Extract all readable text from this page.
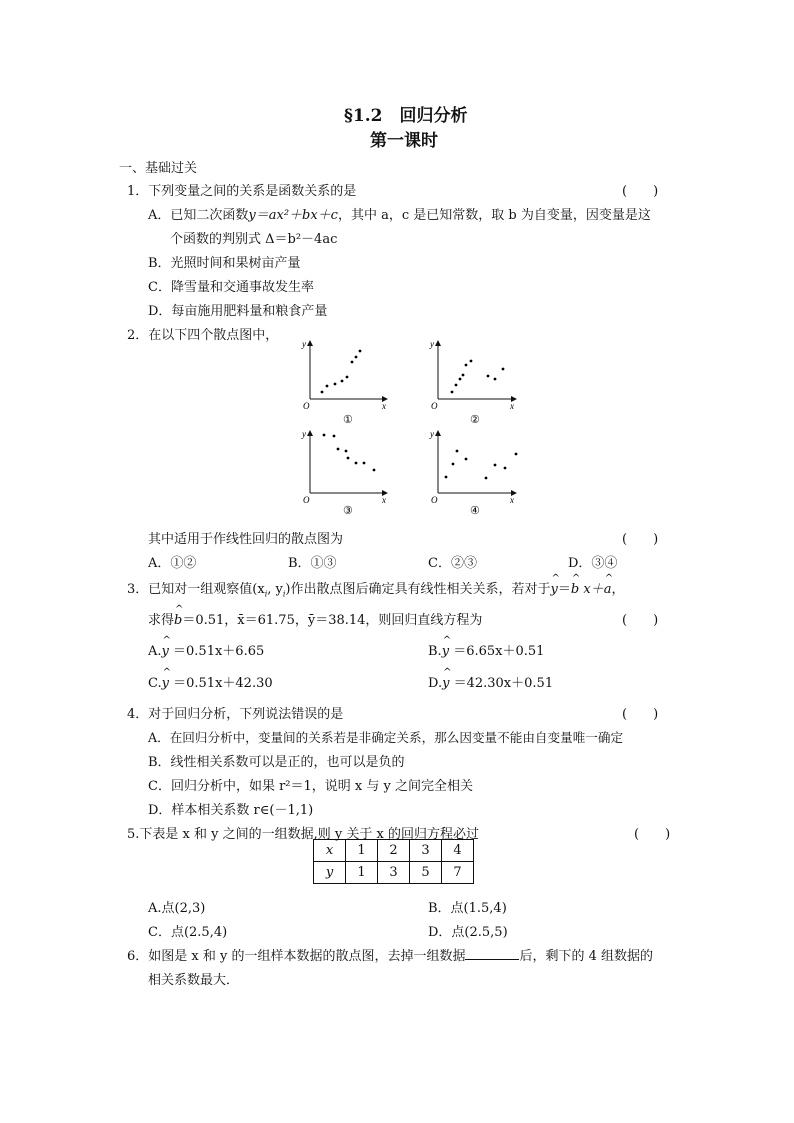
§1.2　回归分析
第一课时
一、基础过关
1．下列变量之间的关系是函数关系的是	(　　)
A．已知二次函数y＝ax²＋bx＋c，其中 a，c 是已知常数，取 b 为自变量，因变量是这
个函数的判别式 Δ＝b²－4ac
B．光照时间和果树亩产量
C．降雪量和交通事故发生率
D．每亩施用肥料量和粮食产量
2．在以下四个散点图中，
y
x
O
①
y
x
O
②
y
x
O
③
y
x
O
④
其中适用于作线性回归的散点图为	(　　)
A．①②	B．①③	C．②③	D．③④
3．已知对一组观察值($x_i$, $y_i$)作出散点图后确定具有线性相关关系，若对于^ y＝^ b x＋^ a，
求得^ b＝0.51，x̄＝61.75，ȳ＝38.14，则回归直线方程为	(　　)
A.^ y ＝0.51x＋6.65	B.^ y ＝6.65x＋0.51
C.^ y ＝0.51x＋42.30	D.^ y ＝42.30x＋0.51
4．对于回归分析，下列说法错误的是	(　　)
A．在回归分析中，变量间的关系若是非确定关系，那么因变量不能由自变量唯一确定
B．线性相关系数可以是正的，也可以是负的
C．回归分析中，如果 r²＝1，说明 x 与 y 之间完全相关
D．样本相关系数 r∈(－1,1)
5.下表是 x 和 y 之间的一组数据,则 y 关于 x 的回归方程必过	(　　)
x	1	2	3	4
y	1	3	5	7
A.点(2,3)	B．点(1.5,4)
C．点(2.5,4)	D．点(2.5,5)
6．如图是 x 和 y 的一组样本数据的散点图，去掉一组数据	后，剩下的 4 组数据的
相关系数最大．
